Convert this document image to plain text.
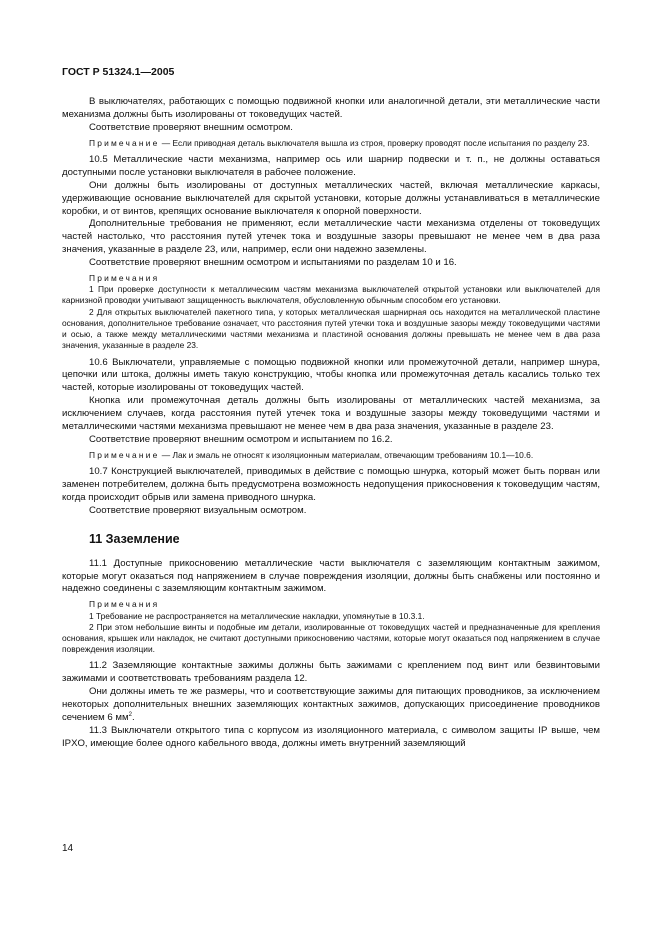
ГОСТ Р 51324.1—2005

В выключателях, работающих с помощью подвижной кнопки или аналогичной детали, эти металлические части механизма должны быть изолированы от токоведущих частей.

Соответствие проверяют внешним осмотром.

Примечание — Если приводная деталь выключателя вышла из строя, проверку проводят после испытания по разделу 23.

10.5 Металлические части механизма, например ось или шарнир подвески и т. п., не должны оставаться доступными после установки выключателя в рабочее положение.

Они должны быть изолированы от доступных металлических частей, включая металлические каркасы, удерживающие основание выключателей для скрытой установки, которые должны устанавливаться в металлические коробки, и от винтов, крепящих основание выключателя к опорной поверхности.

Дополнительные требования не применяют, если металлические части механизма отделены от токоведущих частей настолько, что расстояния путей утечек тока и воздушные зазоры превышают не менее чем в два раза значения, указанные в разделе 23, или, например, если они надежно заземлены.

Соответствие проверяют внешним осмотром и испытаниями по разделам 10 и 16.

Примечания

1 При проверке доступности к металлическим частям механизма выключателей открытой установки или выключателей для карнизной проводки учитывают защищенность выключателя, обусловленную обычным способом его установки.

2 Для открытых выключателей пакетного типа, у которых металлическая шарнирная ось находится на металлической пластине основания, дополнительное требование означает, что расстояния путей утечки тока и воздушные зазоры между токоведущими частями и осью, а также между металлическими частями механизма и пластиной основания должны превышать не менее чем в два раза значения, указанные в разделе 23.

10.6 Выключатели, управляемые с помощью подвижной кнопки или промежуточной детали, например шнура, цепочки или штока, должны иметь такую конструкцию, чтобы кнопка или промежуточная деталь касались только тех частей, которые изолированы от токоведущих частей.

Кнопка или промежуточная деталь должны быть изолированы от металлических частей механизма, за исключением случаев, когда расстояния путей утечек тока и воздушные зазоры между токоведущими частями и металлическими частями механизма превышают не менее чем в два раза значения, указанные в разделе 23.

Соответствие проверяют внешним осмотром и испытанием по 16.2.

Примечание — Лак и эмаль не относят к изоляционным материалам, отвечающим требованиям 10.1—10.6.

10.7 Конструкцией выключателей, приводимых в действие с помощью шнурка, который может быть порван или заменен потребителем, должна быть предусмотрена возможность недопущения прикосновения к токоведущим частям, когда происходит обрыв или замена приводного шнурка.

Соответствие проверяют визуальным осмотром.

11 Заземление

11.1 Доступные прикосновению металлические части выключателя с заземляющим контактным зажимом, которые могут оказаться под напряжением в случае повреждения изоляции, должны быть снабжены или постоянно и надежно соединены с заземляющим контактным зажимом.

Примечания

1 Требование не распространяется на металлические накладки, упомянутые в 10.3.1.

2 При этом небольшие винты и подобные им детали, изолированные от токоведущих частей и предназначенные для крепления основания, крышек или накладок, не считают доступными прикосновению частями, которые могут оказаться под напряжением в случае повреждения изоляции.

11.2 Заземляющие контактные зажимы должны быть зажимами с креплением под винт или безвинтовыми зажимами и соответствовать требованиям раздела 12.

Они должны иметь те же размеры, что и соответствующие зажимы для питающих проводников, за исключением некоторых дополнительных внешних заземляющих контактных зажимов, допускающих присоединение проводников сечением 6 $мм^2$.

11.3 Выключатели открытого типа с корпусом из изоляционного материала, с символом защиты IP выше, чем IPXO, имеющие более одного кабельного ввода, должны иметь внутренний заземляющий

14
